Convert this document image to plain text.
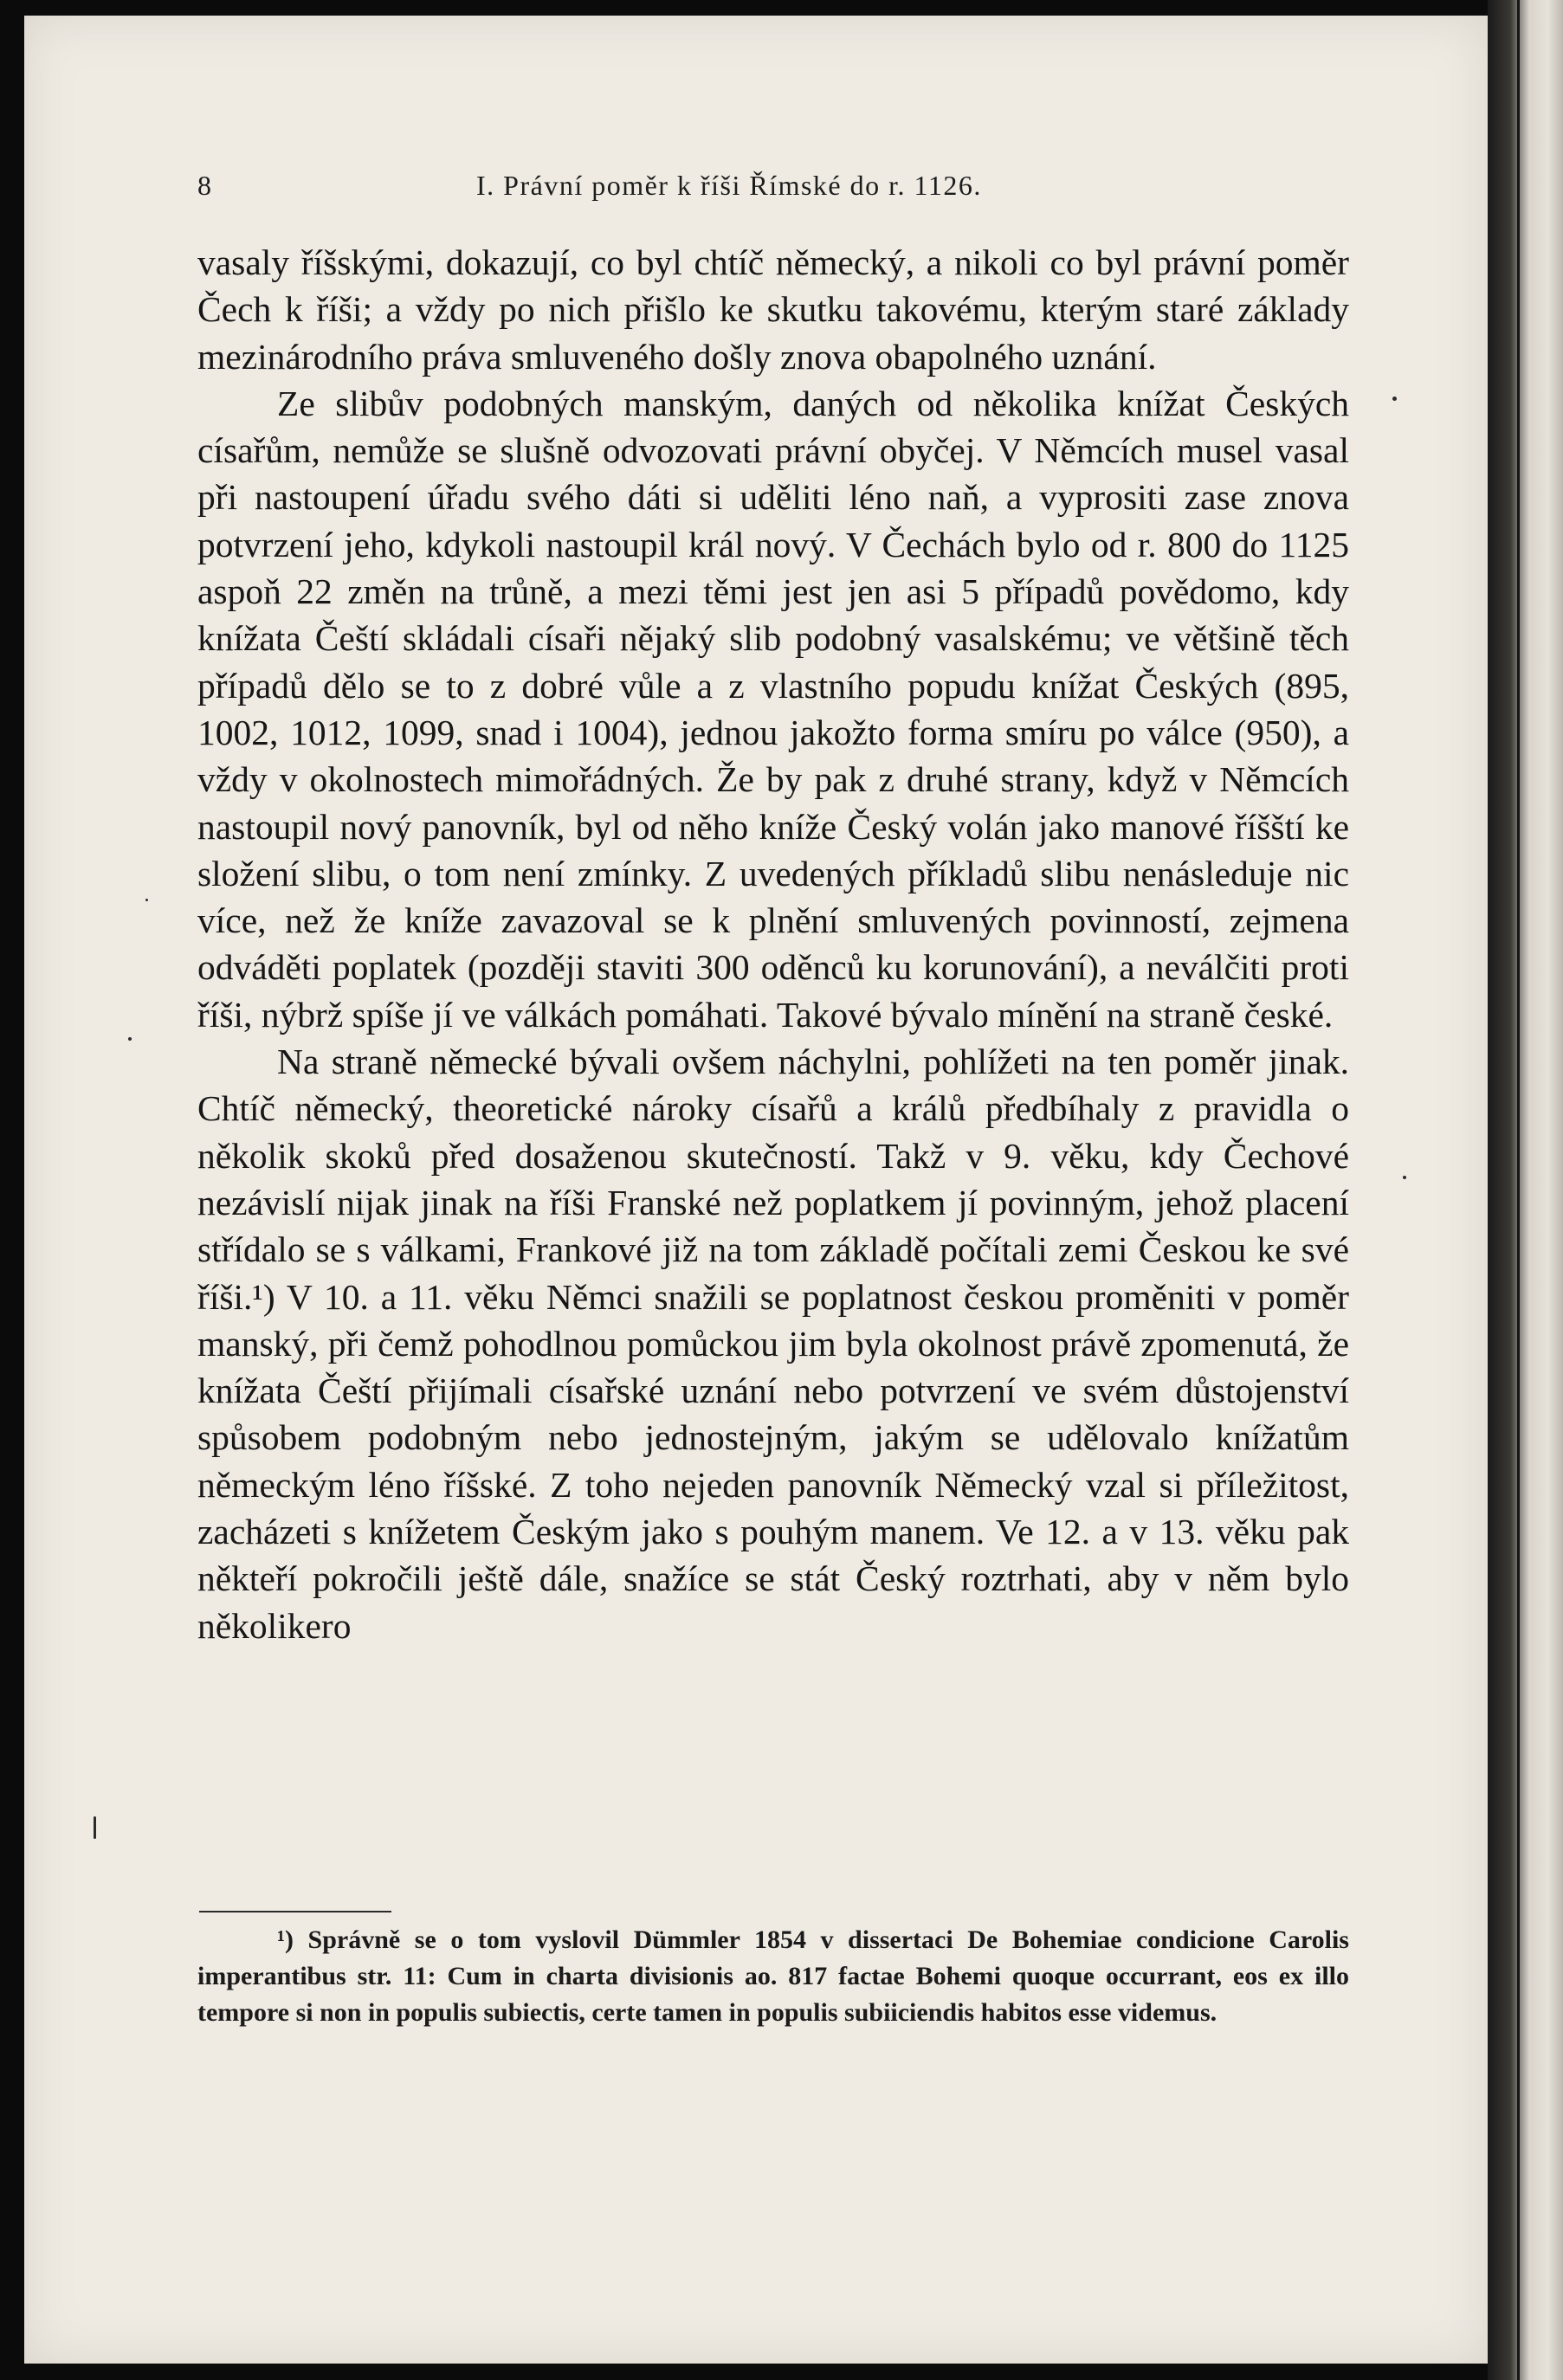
8	I. Právní poměr k říši Římské do r. 1126.

vasaly říšskými, dokazují, co byl chtíč německý, a nikoli co byl právní poměr Čech k říši; a vždy po nich přišlo ke skutku takovému, kterým staré základy mezinárodního práva smluveného došly znova obapolného uznání.

Ze slibův podobných manským, daných od několika knížat Českých císařům, nemůže se slušně odvozovati právní obyčej. V Němcích musel vasal při nastoupení úřadu svého dáti si uděliti léno naň, a vyprositi zase znova potvrzení jeho, kdykoli nastoupil král nový. V Čechách bylo od r. 800 do 1125 aspoň 22 změn na trůně, a mezi těmi jest jen asi 5 případů povědomo, kdy knížata Čeští skládali císaři nějaký slib podobný vasalskému; ve většině těch případů dělo se to z dobré vůle a z vlastního popudu knížat Českých (895, 1002, 1012, 1099, snad i 1004), jednou jakožto forma smíru po válce (950), a vždy v okolnostech mimořádných. Že by pak z druhé strany, když v Němcích nastoupil nový panovník, byl od něho kníže Český volán jako manové říšští ke složení slibu, o tom není zmínky. Z uvedených příkladů slibu nenásleduje nic více, než že kníže zavazoval se k plnění smluvených povinností, zejmena odváděti poplatek (později staviti 300 oděnců ku korunování), a neválčiti proti říši, nýbrž spíše jí ve válkách pomáhati. Takové bývalo mínění na straně české.

Na straně německé bývali ovšem náchylni, pohlížeti na ten poměr jinak. Chtíč německý, theoretické nároky císařů a králů předbíhaly z pravidla o několik skoků před dosaženou skutečností. Takž v 9. věku, kdy Čechové nezávislí nijak jinak na říši Franské než poplatkem jí povinným, jehož placení střídalo se s válkami, Frankové již na tom základě počítali zemi Českou ke své říši.¹) V 10. a 11. věku Němci snažili se poplatnost českou proměniti v poměr manský, při čemž pohodlnou pomůckou jim byla okolnost právě zpomenutá, že knížata Čeští přijímali císařské uznání nebo potvrzení ve svém důstojenství spůsobem podobným nebo jednostejným, jakým se udělovalo knížatům německým léno říšské. Z toho nejeden panovník Německý vzal si příležitost, zacházeti s knížetem Českým jako s pouhým manem. Ve 12. a v 13. věku pak někteří pokročili ještě dále, snažíce se stát Český roztrhati, aby v něm bylo několikero

¹) Správně se o tom vyslovil Dümmler 1854 v dissertaci De Bohemiae condicione Carolis imperantibus str. 11: Cum in charta divisionis ao. 817 factae Bohemi quoque occurrant, eos ex illo tempore si non in populis subiectis, certe tamen in populis subiiciendis habitos esse videmus.
